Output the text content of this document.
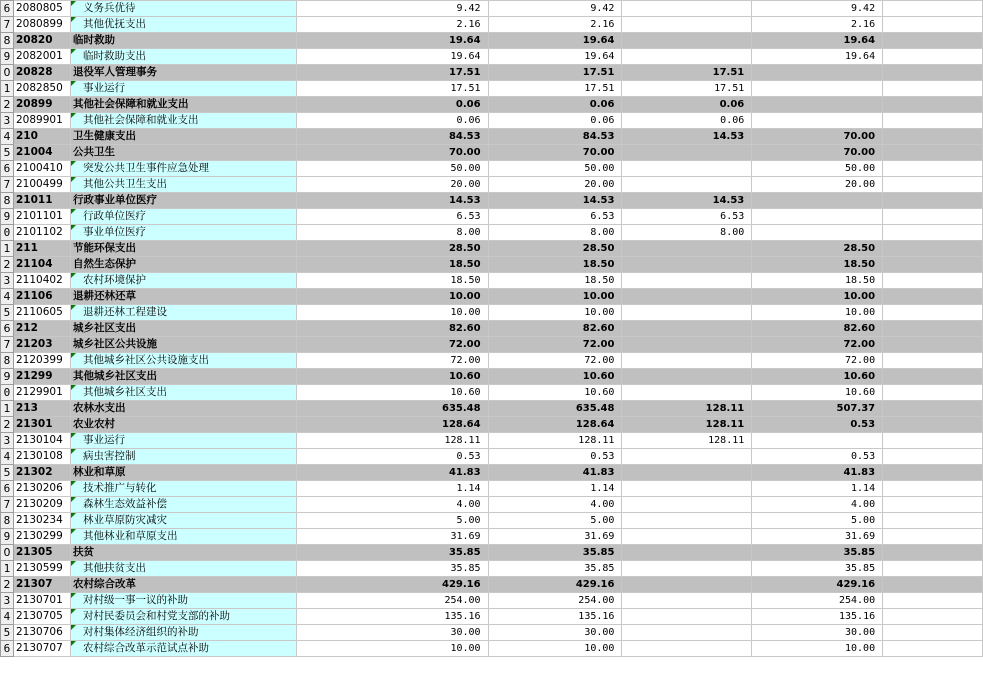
6	2080805	义务兵优待	9.42	9.42		9.42	
7	2080899	其他优抚支出	2.16	2.16		2.16	
8	20820	临时救助	19.64	19.64		19.64	
9	2082001	临时救助支出	19.64	19.64		19.64	
0	20828	退役军人管理事务	17.51	17.51	17.51		
1	2082850	事业运行	17.51	17.51	17.51		
2	20899	其他社会保障和就业支出	0.06	0.06	0.06		
3	2089901	其他社会保障和就业支出	0.06	0.06	0.06		
4	210	卫生健康支出	84.53	84.53	14.53	70.00	
5	21004	公共卫生	70.00	70.00		70.00	
6	2100410	突发公共卫生事件应急处理	50.00	50.00		50.00	
7	2100499	其他公共卫生支出	20.00	20.00		20.00	
8	21011	行政事业单位医疗	14.53	14.53	14.53		
9	2101101	行政单位医疗	6.53	6.53	6.53		
0	2101102	事业单位医疗	8.00	8.00	8.00		
1	211	节能环保支出	28.50	28.50		28.50	
2	21104	自然生态保护	18.50	18.50		18.50	
3	2110402	农村环境保护	18.50	18.50		18.50	
4	21106	退耕还林还草	10.00	10.00		10.00	
5	2110605	退耕还林工程建设	10.00	10.00		10.00	
6	212	城乡社区支出	82.60	82.60		82.60	
7	21203	城乡社区公共设施	72.00	72.00		72.00	
8	2120399	其他城乡社区公共设施支出	72.00	72.00		72.00	
9	21299	其他城乡社区支出	10.60	10.60		10.60	
0	2129901	其他城乡社区支出	10.60	10.60		10.60	
1	213	农林水支出	635.48	635.48	128.11	507.37	
2	21301	农业农村	128.64	128.64	128.11	0.53	
3	2130104	事业运行	128.11	128.11	128.11		
4	2130108	病虫害控制	0.53	0.53		0.53	
5	21302	林业和草原	41.83	41.83		41.83	
6	2130206	技术推广与转化	1.14	1.14		1.14	
7	2130209	森林生态效益补偿	4.00	4.00		4.00	
8	2130234	林业草原防灾减灾	5.00	5.00		5.00	
9	2130299	其他林业和草原支出	31.69	31.69		31.69	
0	21305	扶贫	35.85	35.85		35.85	
1	2130599	其他扶贫支出	35.85	35.85		35.85	
2	21307	农村综合改革	429.16	429.16		429.16	
3	2130701	对村级一事一议的补助	254.00	254.00		254.00	
4	2130705	对村民委员会和村党支部的补助	135.16	135.16		135.16	
5	2130706	对村集体经济组织的补助	30.00	30.00		30.00	
6	2130707	农村综合改革示范试点补助	10.00	10.00		10.00	
